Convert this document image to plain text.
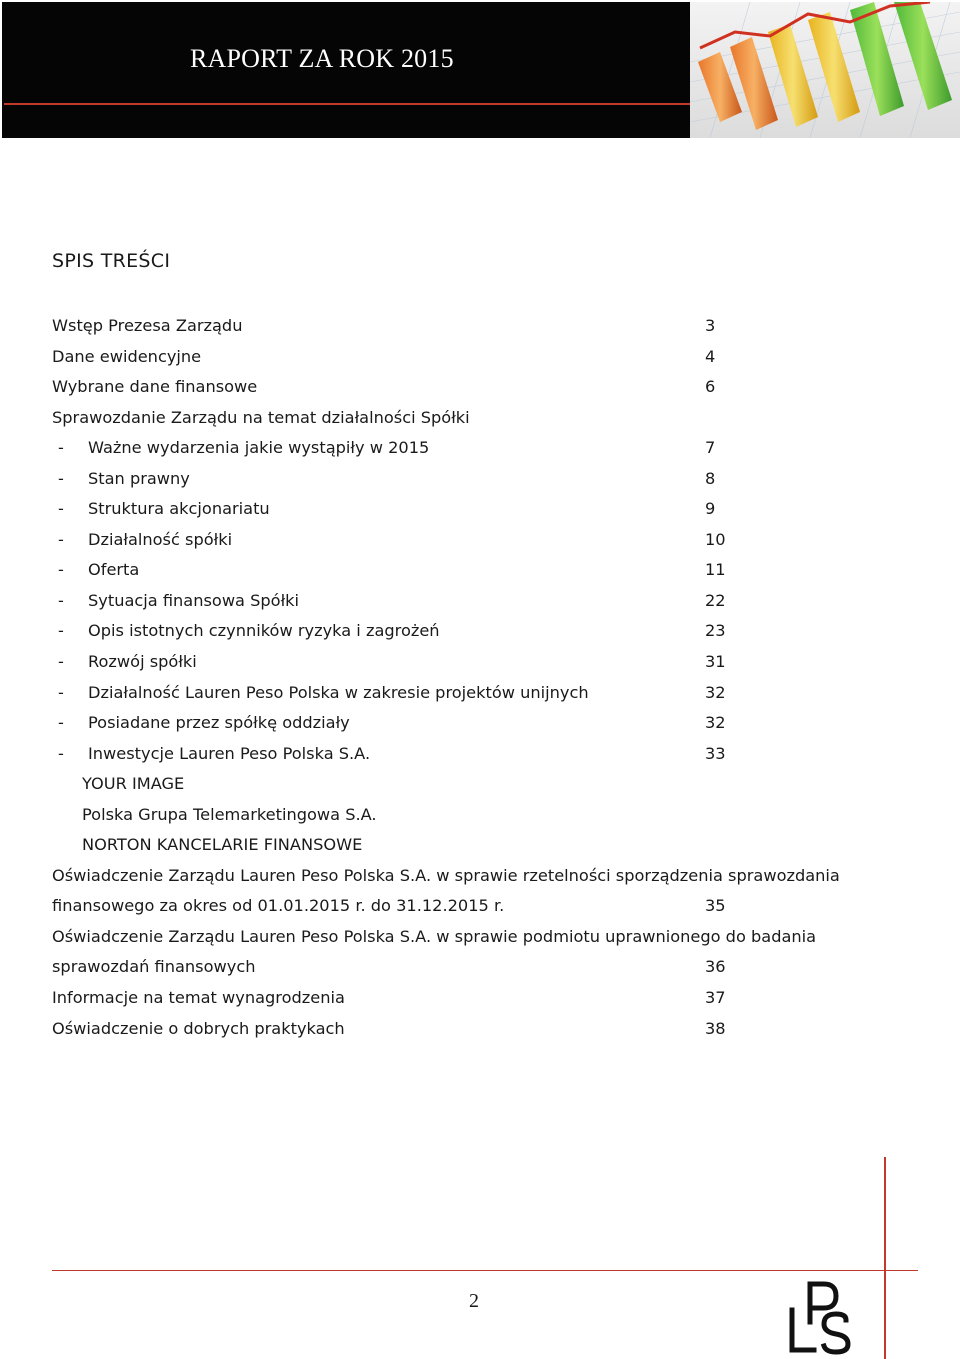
RAPORT ZA ROK 2015
SPIS TREŚCI
Wstęp Prezesa Zarządu	3
Dane ewidencyjne	4
Wybrane dane finansowe	6
Sprawozdanie Zarządu na temat działalności Spółki
- Ważne wydarzenia jakie wystąpiły w 2015	7
- Stan prawny	8
- Struktura akcjonariatu	9
- Działalność spółki	10
- Oferta	11
- Sytuacja finansowa Spółki	22
- Opis istotnych czynników ryzyka i zagrożeń	23
- Rozwój spółki	31
- Działalność Lauren Peso Polska w zakresie projektów unijnych	32
- Posiadane przez spółkę oddziały	32
- Inwestycje Lauren Peso Polska S.A.	33
YOUR IMAGE
Polska Grupa Telemarketingowa S.A.
NORTON KANCELARIE FINANSOWE
Oświadczenie Zarządu Lauren Peso Polska S.A. w sprawie rzetelności sporządzenia sprawozdania
finansowego za okres od 01.01.2015 r. do 31.12.2015 r.	35
Oświadczenie Zarządu Lauren Peso Polska S.A. w sprawie podmiotu uprawnionego do badania
sprawozdań finansowych	36
Informacje na temat wynagrodzenia	37
Oświadczenie o dobrych praktykach	38
2
